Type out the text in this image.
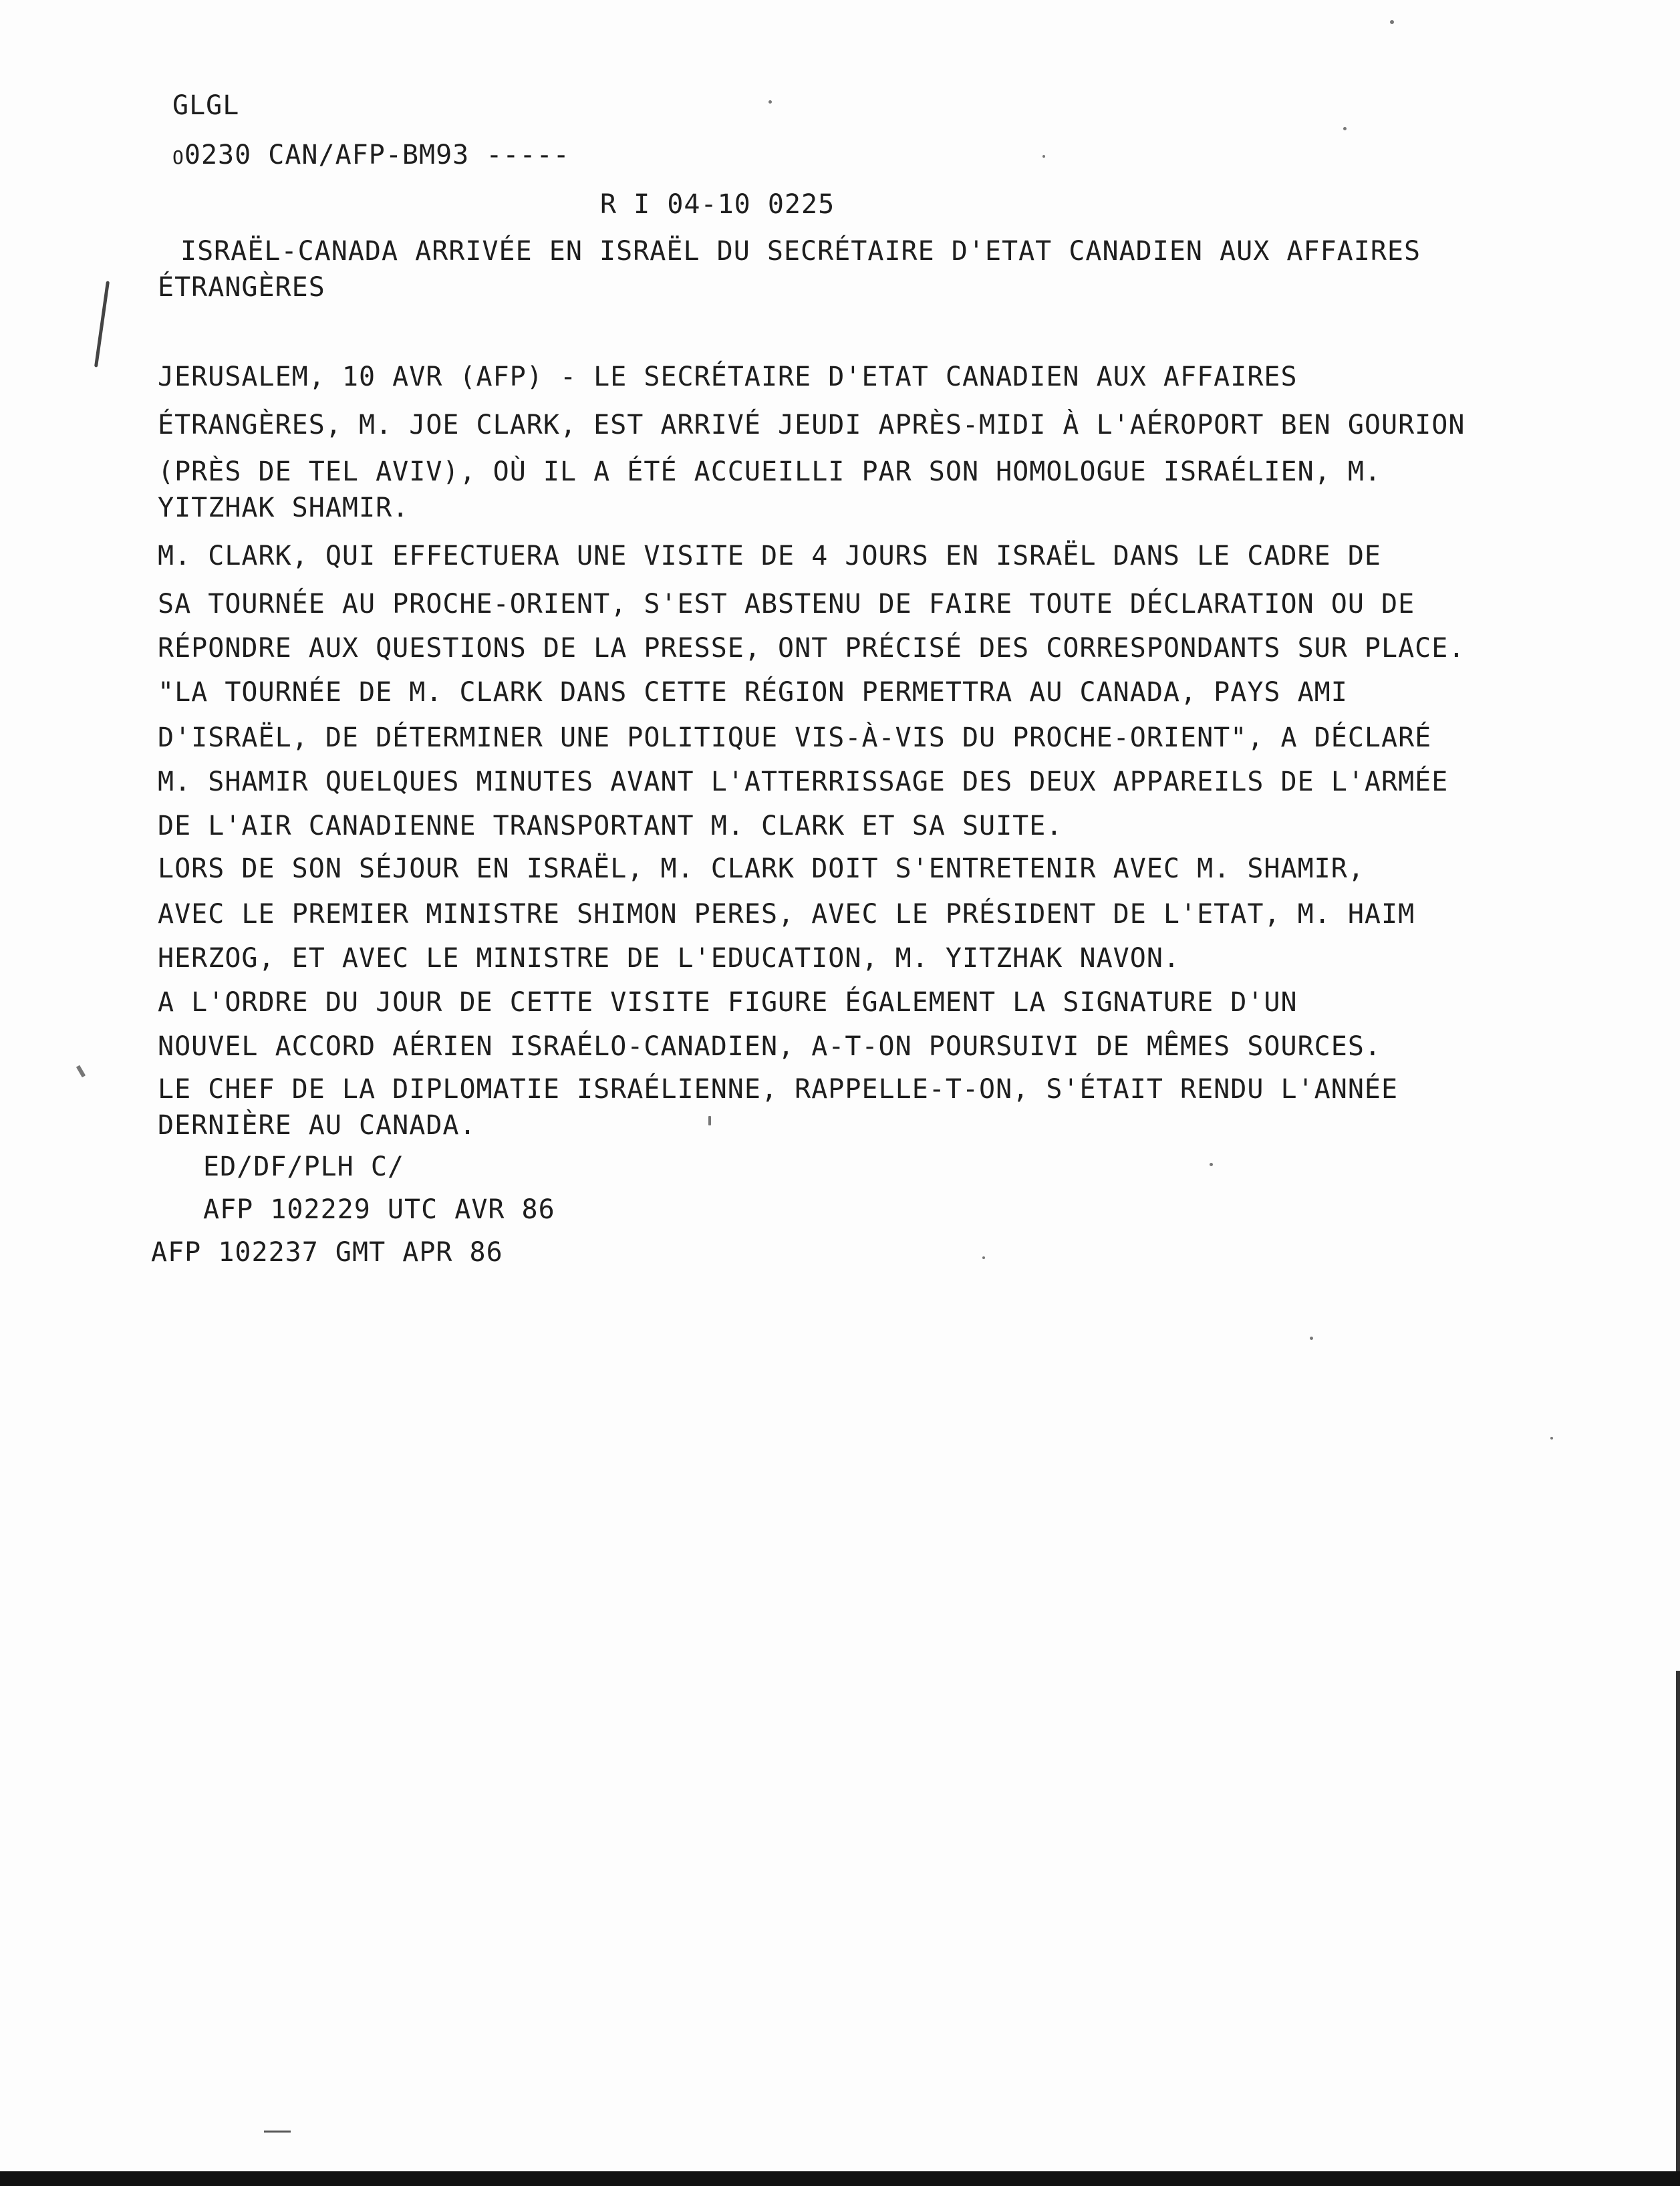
GLGL
o0230 CAN/AFP-BM93 -----
R I 04-10 0225
ISRAËL-CANADA ARRIVÉE EN ISRAËL DU SECRÉTAIRE D'ETAT CANADIEN AUX AFFAIRES
ÉTRANGÈRES
JERUSALEM, 10 AVR (AFP) - LE SECRÉTAIRE D'ETAT CANADIEN AUX AFFAIRES
ÉTRANGÈRES, M. JOE CLARK, EST ARRIVÉ JEUDI APRÈS-MIDI À L'AÉROPORT BEN GOURION
(PRÈS DE TEL AVIV), OÙ IL A ÉTÉ ACCUEILLI PAR SON HOMOLOGUE ISRAÉLIEN, M.
YITZHAK SHAMIR.
M. CLARK, QUI EFFECTUERA UNE VISITE DE 4 JOURS EN ISRAËL DANS LE CADRE DE
SA TOURNÉE AU PROCHE-ORIENT, S'EST ABSTENU DE FAIRE TOUTE DÉCLARATION OU DE
RÉPONDRE AUX QUESTIONS DE LA PRESSE, ONT PRÉCISÉ DES CORRESPONDANTS SUR PLACE.
"LA TOURNÉE DE M. CLARK DANS CETTE RÉGION PERMETTRA AU CANADA, PAYS AMI
D'ISRAËL, DE DÉTERMINER UNE POLITIQUE VIS-À-VIS DU PROCHE-ORIENT", A DÉCLARÉ
M. SHAMIR QUELQUES MINUTES AVANT L'ATTERRISSAGE DES DEUX APPAREILS DE L'ARMÉE
DE L'AIR CANADIENNE TRANSPORTANT M. CLARK ET SA SUITE.
LORS DE SON SÉJOUR EN ISRAËL, M. CLARK DOIT S'ENTRETENIR AVEC M. SHAMIR,
AVEC LE PREMIER MINISTRE SHIMON PERES, AVEC LE PRÉSIDENT DE L'ETAT, M. HAIM
HERZOG, ET AVEC LE MINISTRE DE L'EDUCATION, M. YITZHAK NAVON.
A L'ORDRE DU JOUR DE CETTE VISITE FIGURE ÉGALEMENT LA SIGNATURE D'UN
NOUVEL ACCORD AÉRIEN ISRAÉLO-CANADIEN, A-T-ON POURSUIVI DE MÊMES SOURCES.
LE CHEF DE LA DIPLOMATIE ISRAÉLIENNE, RAPPELLE-T-ON, S'ÉTAIT RENDU L'ANNÉE
DERNIÈRE AU CANADA.
ED/DF/PLH C/
AFP 102229 UTC AVR 86
AFP 102237 GMT APR 86
